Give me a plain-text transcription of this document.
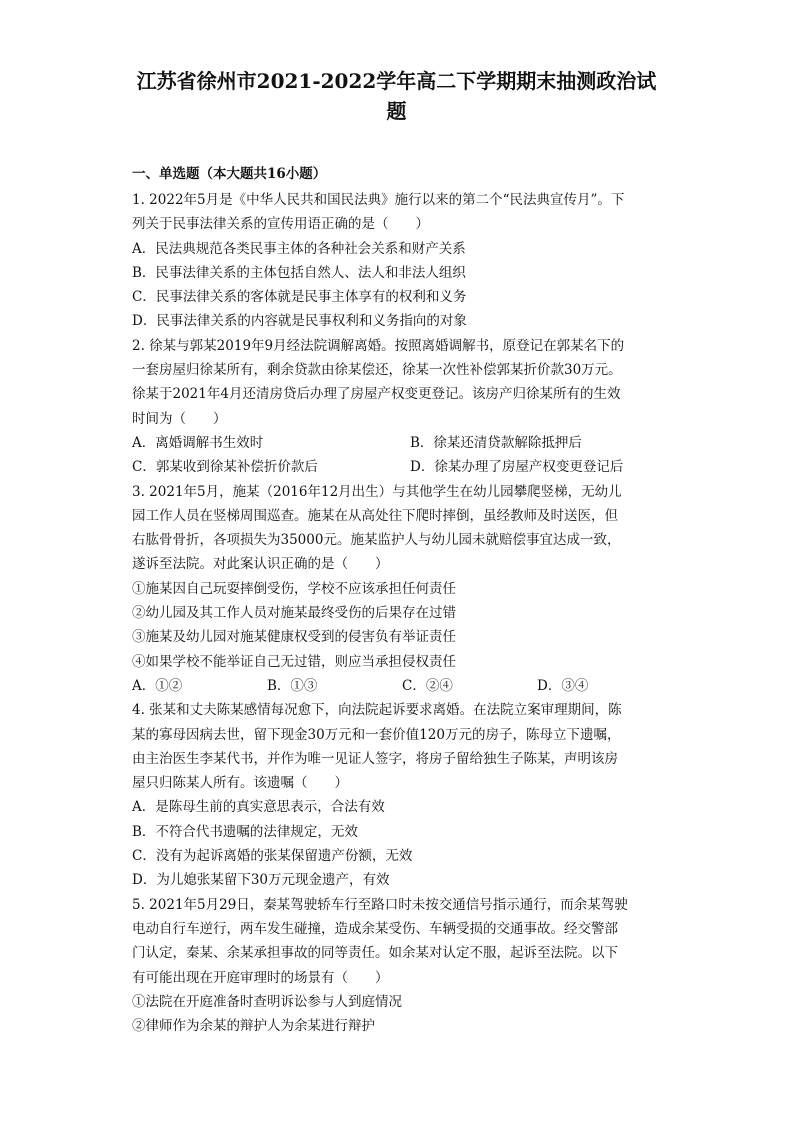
江苏省徐州市2021-2022学年高二下学期期末抽测政治试
题
一、单选题（本大题共16小题）

1. 2022年5月是《中华人民共和国民法典》施行以来的第二个“民法典宣传月”。下

列关于民事法律关系的宣传用语正确的是（　　）

A．民法典规范各类民事主体的各种社会关系和财产关系

B．民事法律关系的主体包括自然人、法人和非法人组织

C．民事法律关系的客体就是民事主体享有的权利和义务

D．民事法律关系的内容就是民事权利和义务指向的对象

2. 徐某与郭某2019年9月经法院调解离婚。按照离婚调解书，原登记在郭某名下的

一套房屋归徐某所有，剩余贷款由徐某偿还，徐某一次性补偿郭某折价款30万元。

徐某于2021年4月还清房贷后办理了房屋产权变更登记。该房产归徐某所有的生效

时间为（　　）

A．离婚调解书生效时	B．徐某还清贷款解除抵押后
C．郭某收到徐某补偿折价款后	D．徐某办理了房屋产权变更登记后

3. 2021年5月，施某（2016年12月出生）与其他学生在幼儿园攀爬竖梯，无幼儿

园工作人员在竖梯周围巡查。施某在从高处往下爬时摔倒，虽经教师及时送医，但

右肱骨骨折，各项损失为35000元。施某监护人与幼儿园未就赔偿事宜达成一致，

遂诉至法院。对此案认识正确的是（　　）

①施某因自己玩耍摔倒受伤，学校不应该承担任何责任

②幼儿园及其工作人员对施某最终受伤的后果存在过错

③施某及幼儿园对施某健康权受到的侵害负有举证责任

④如果学校不能举证自己无过错，则应当承担侵权责任

A．①②	B．①③	C．②④	D．③④

4. 张某和丈夫陈某感情每况愈下，向法院起诉要求离婚。在法院立案审理期间，陈

某的寡母因病去世，留下现金30万元和一套价值120万元的房子，陈母立下遗嘱，

由主治医生李某代书，并作为唯一见证人签字，将房子留给独生子陈某，声明该房

屋只归陈某人所有。该遗嘱（　　）

A．是陈母生前的真实意思表示，合法有效

B．不符合代书遗嘱的法律规定，无效

C．没有为起诉离婚的张某保留遗产份额，无效

D．为儿媳张某留下30万元现金遗产，有效

5. 2021年5月29日，秦某驾驶轿车行至路口时未按交通信号指示通行，而余某驾驶

电动自行车逆行，两车发生碰撞，造成余某受伤、车辆受损的交通事故。经交警部

门认定，秦某、余某承担事故的同等责任。如余某对认定不服，起诉至法院。以下

有可能出现在开庭审理时的场景有（　　）

①法院在开庭准备时查明诉讼参与人到庭情况

②律师作为余某的辩护人为余某进行辩护
